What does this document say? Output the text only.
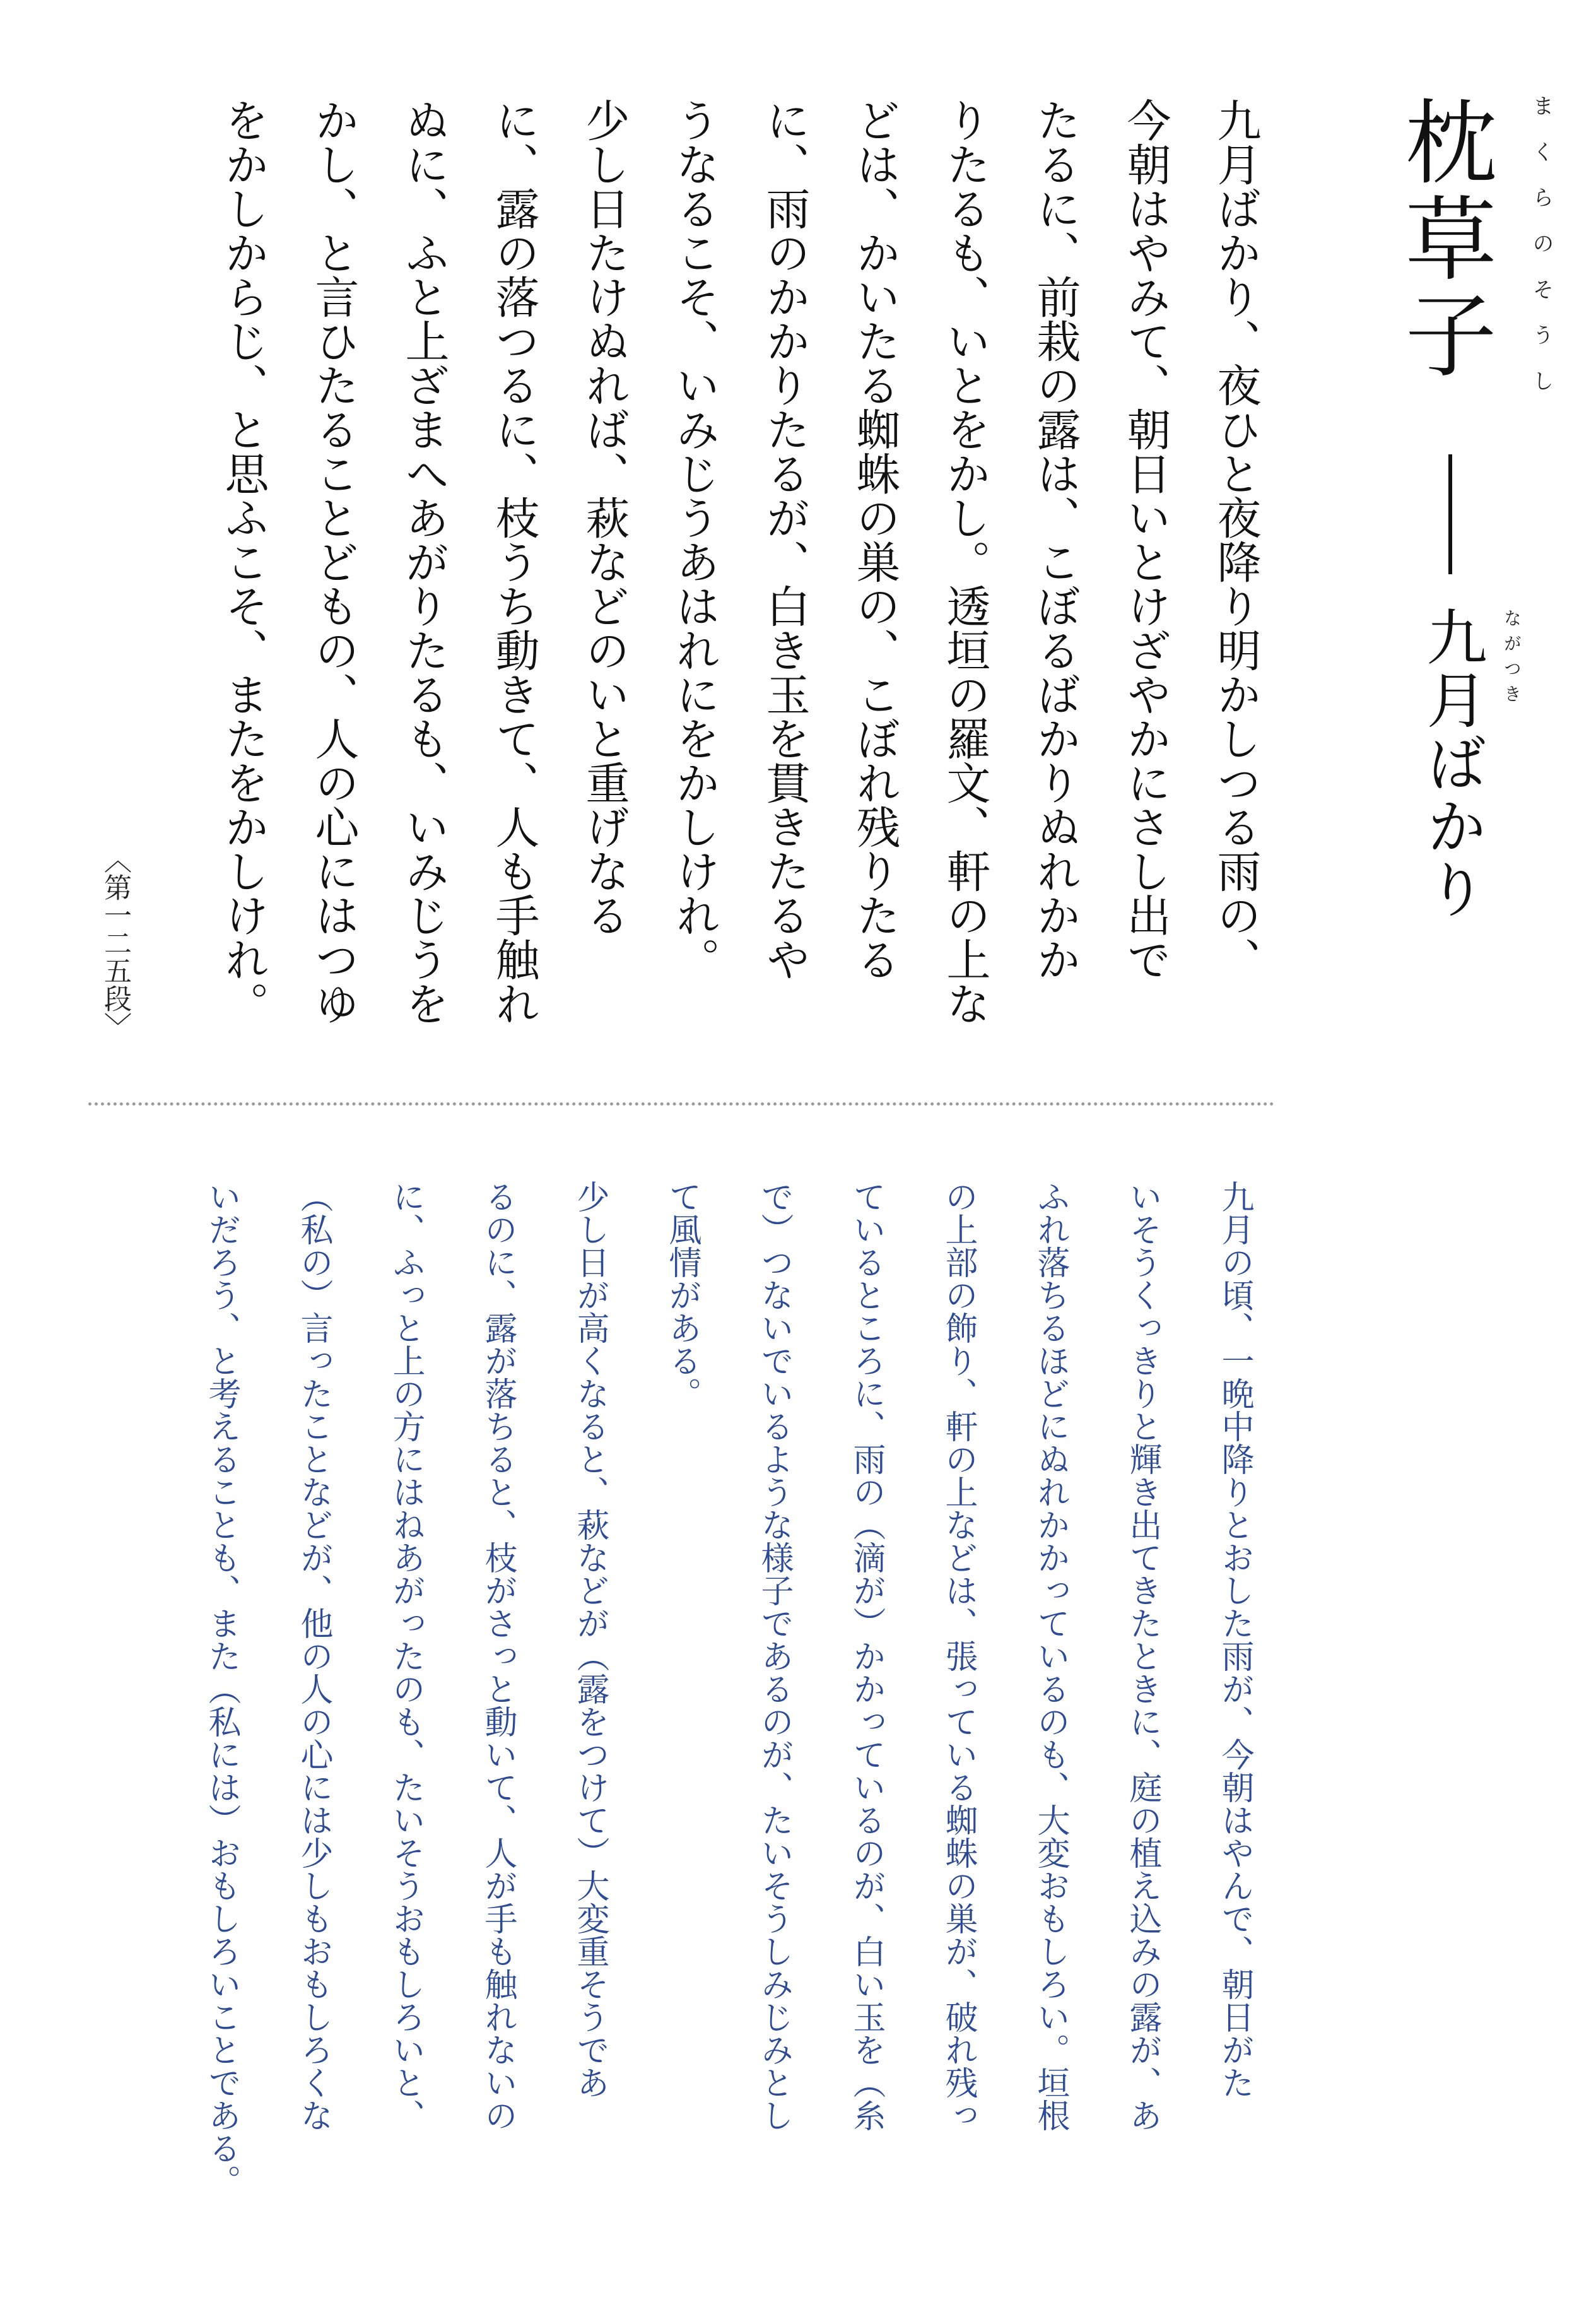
枕草子 ま
く
ら
の
そ
う
し
九月ばかり ながつき
九月ばかり、夜ひと夜降り明かしつる雨の、
今朝はやみて、朝日いとけざやかにさし出で
たるに、前栽の露は、こぼるばかりぬれかか
りたるも、いとをかし。透垣の羅文、軒の上な
どは、かいたる蜘蛛の巣の、こぼれ残りたる
に、雨のかかりたるが、白き玉を貫きたるや
うなるこそ、いみじうあはれにをかしけれ。
少し日たけぬれば、萩などのいと重げなる
に、露の落つるに、枝うち動きて、人も手触れ
ぬに、ふと上ざまへあがりたるも、いみじうを
かし、と言ひたることどもの、人の心にはつゆ
をかしからじ、と思ふこそ、またをかしけれ。
〈第一二五段〉
九月の頃、一晩中降りとおした雨が、今朝はやんで、朝日がた
いそうくっきりと輝き出てきたときに、庭の植え込みの露が、あ
ふれ落ちるほどにぬれかかっているのも、大変おもしろい。垣根
の上部の飾り、軒の上などは、張っている蜘蛛の巣が、破れ残っ
ているところに、雨の（滴が）かかっているのが、白い玉を（糸
で）つないでいるような様子であるのが、たいそうしみじみとし
て風情がある。
少し日が高くなると、萩などが（露をつけて）大変重そうであ
るのに、露が落ちると、枝がさっと動いて、人が手も触れないの
に、ふっと上の方にはねあがったのも、たいそうおもしろいと、
（私の）言ったことなどが、他の人の心には少しもおもしろくな
いだろう、と考えることも、また（私には）おもしろいことである。
